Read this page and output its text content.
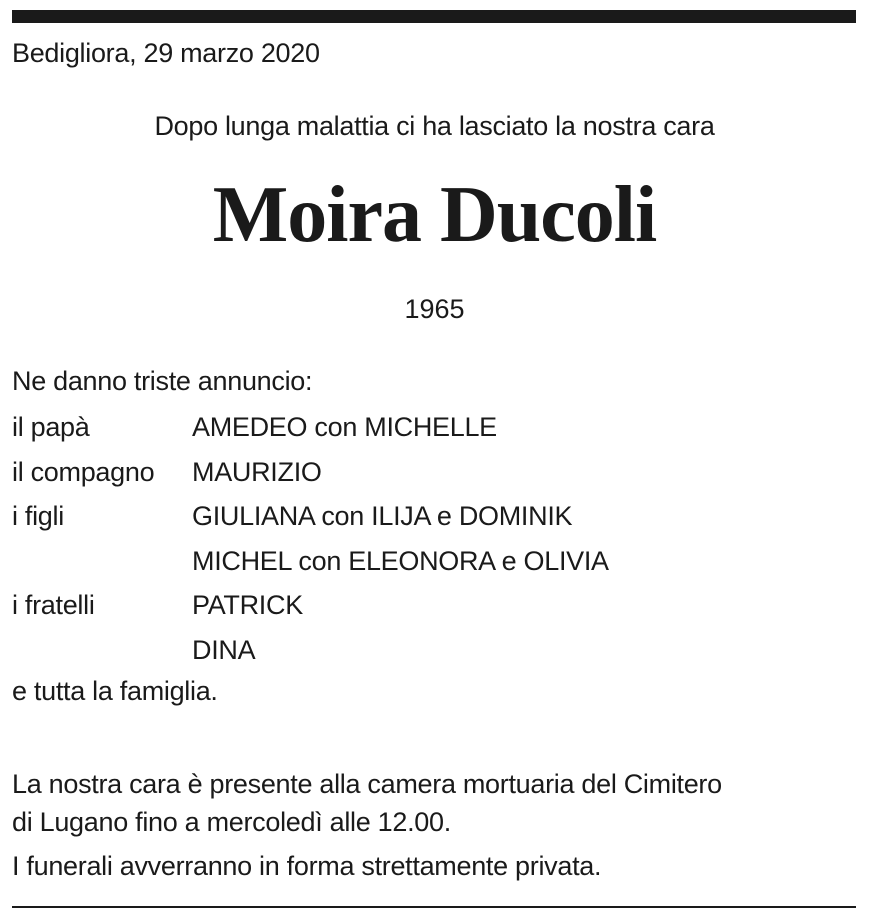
Bedigliora, 29 marzo 2020
Dopo lunga malattia ci ha lasciato la nostra cara
Moira Ducoli
1965
Ne danno triste annuncio:
il papà	AMEDEO con MICHELLE
il compagno	MAURIZIO
i figli	GIULIANA con ILIJA e DOMINIK
MICHEL con ELEONORA e OLIVIA
i fratelli	PATRICK
DINA
e tutta la famiglia.

La nostra cara è presente alla camera mortuaria del Cimitero

di Lugano fino a mercoledì alle 12.00.

I funerali avverranno in forma strettamente privata.
